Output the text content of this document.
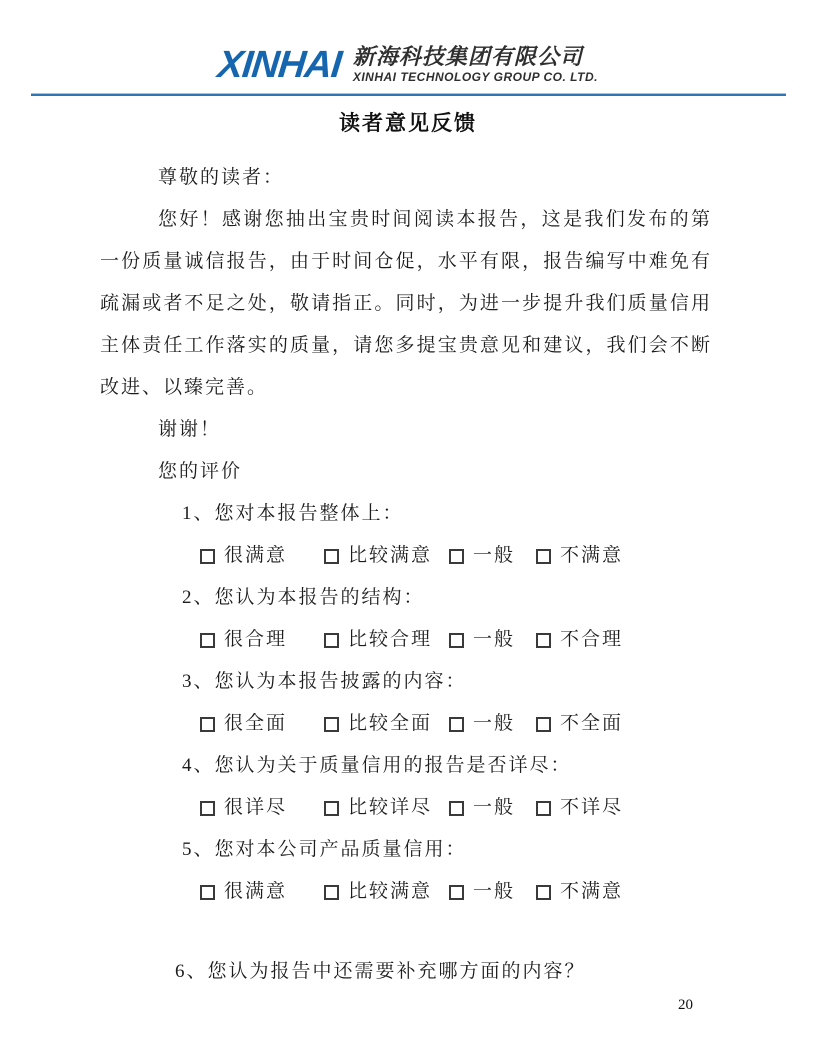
XINHAI 新海科技集团有限公司
XINHAI TECHNOLOGY GROUP CO. LTD.
读者意见反馈
尊敬的读者：
您好！感谢您抽出宝贵时间阅读本报告，这是我们发布的第一份质量诚信报告，由于时间仓促，水平有限，报告编写中难免有疏漏或者不足之处，敬请指正。同时，为进一步提升我们质量信用主体责任工作落实的质量，请您多提宝贵意见和建议，我们会不断改进、以臻完善。
谢谢！
您的评价
1、您对本报告整体上：
很满意	比较满意 一般 不满意
2、您认为本报告的结构：
很合理	比较合理 一般 不合理
3、您认为本报告披露的内容：
很全面	比较全面 一般 不全面
4、您认为关于质量信用的报告是否详尽：
很详尽	比较详尽 一般 不详尽
5、您对本公司产品质量信用：
很满意	比较满意 一般 不满意
6、您认为报告中还需要补充哪方面的内容？
20
